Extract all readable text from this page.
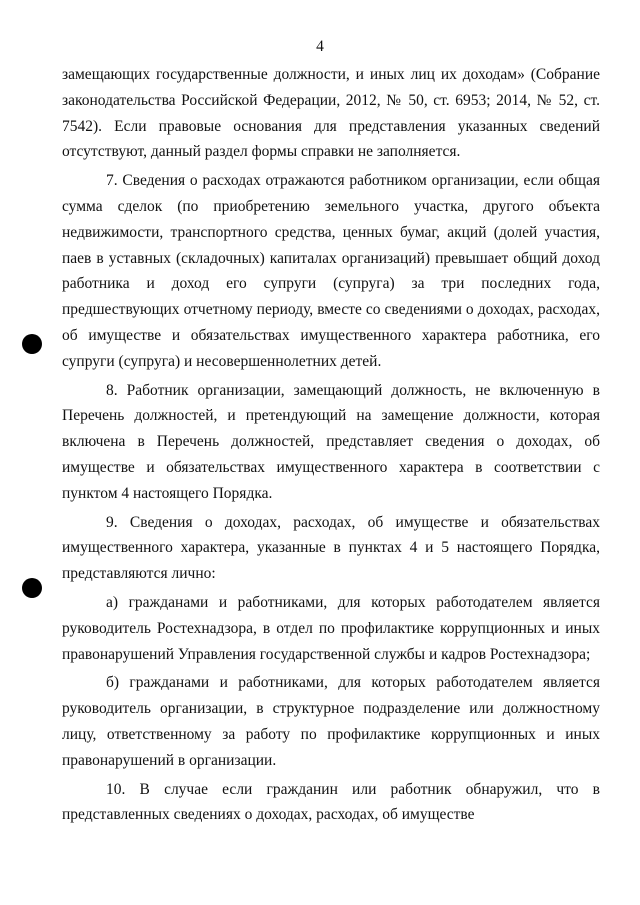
4

замещающих государственные должности, и иных лиц их доходам» (Собрание законодательства Российской Федерации, 2012, № 50, ст. 6953; 2014, № 52, ст. 7542). Если правовые основания для представления указанных сведений отсутствуют, данный раздел формы справки не заполняется.

7. Сведения о расходах отражаются работником организации, если общая сумма сделок (по приобретению земельного участка, другого объекта недвижимости, транспортного средства, ценных бумаг, акций (долей участия, паев в уставных (складочных) капиталах организаций) превышает общий доход работника и доход его супруги (супруга) за три последних года, предшествующих отчетному периоду, вместе со сведениями о доходах, расходах, об имуществе и обязательствах имущественного характера работника, его супруги (супруга) и несовершеннолетних детей.

8. Работник организации, замещающий должность, не включенную в Перечень должностей, и претендующий на замещение должности, которая включена в Перечень должностей, представляет сведения о доходах, об имуществе и обязательствах имущественного характера в соответствии с пунктом 4 настоящего Порядка.

9. Сведения о доходах, расходах, об имуществе и обязательствах имущественного характера, указанные в пунктах 4 и 5 настоящего Порядка, представляются лично:

а) гражданами и работниками, для которых работодателем является руководитель Ростехнадзора, в отдел по профилактике коррупционных и иных правонарушений Управления государственной службы и кадров Ростехнадзора;

б) гражданами и работниками, для которых работодателем является руководитель организации, в структурное подразделение или должностному лицу, ответственному за работу по профилактике коррупционных и иных правонарушений в организации.

10. В случае если гражданин или работник обнаружил, что в представленных сведениях о доходах, расходах, об имуществе
